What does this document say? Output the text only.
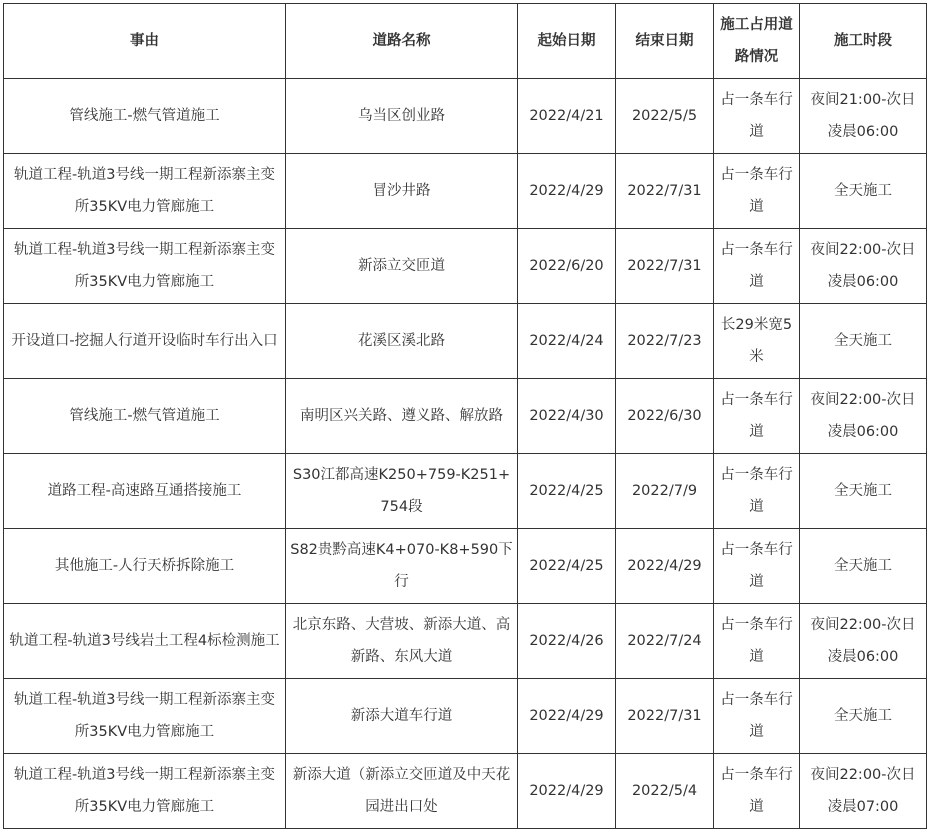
事由	道路名称	起始日期	结束日期	施工占用道路情况	施工时段
管线施工-燃气管道施工	乌当区创业路	2022/4/21	2022/5/5	占一条车行道	夜间21:00-次日凌晨06:00
轨道工程-轨道3号线一期工程新添寨主变所35KV电力管廊施工	冒沙井路	2022/4/29	2022/7/31	占一条车行道	全天施工
轨道工程-轨道3号线一期工程新添寨主变所35KV电力管廊施工	新添立交匝道	2022/6/20	2022/7/31	占一条车行道	夜间22:00-次日凌晨06:00
开设道口-挖掘人行道开设临时车行出入口	花溪区溪北路	2022/4/24	2022/7/23	长29米宽5米	全天施工
管线施工-燃气管道施工	南明区兴关路、遵义路、解放路	2022/4/30	2022/6/30	占一条车行道	夜间22:00-次日凌晨06:00
道路工程-高速路互通搭接施工	S30江都高速K250+759-K251+754段	2022/4/25	2022/7/9	占一条车行道	全天施工
其他施工-人行天桥拆除施工	S82贵黔高速K4+070-K8+590下行	2022/4/25	2022/4/29	占一条车行道	全天施工
轨道工程-轨道3号线岩土工程4标检测施工	北京东路、大营坡、新添大道、高新路、东风大道	2022/4/26	2022/7/24	占一条车行道	夜间22:00-次日凌晨06:00
轨道工程-轨道3号线一期工程新添寨主变所35KV电力管廊施工	新添大道车行道	2022/4/29	2022/7/31	占一条车行道	全天施工
轨道工程-轨道3号线一期工程新添寨主变所35KV电力管廊施工	新添大道（新添立交匝道及中天花园进出口处	2022/4/29	2022/5/4	占一条车行道	夜间22:00-次日凌晨07:00
